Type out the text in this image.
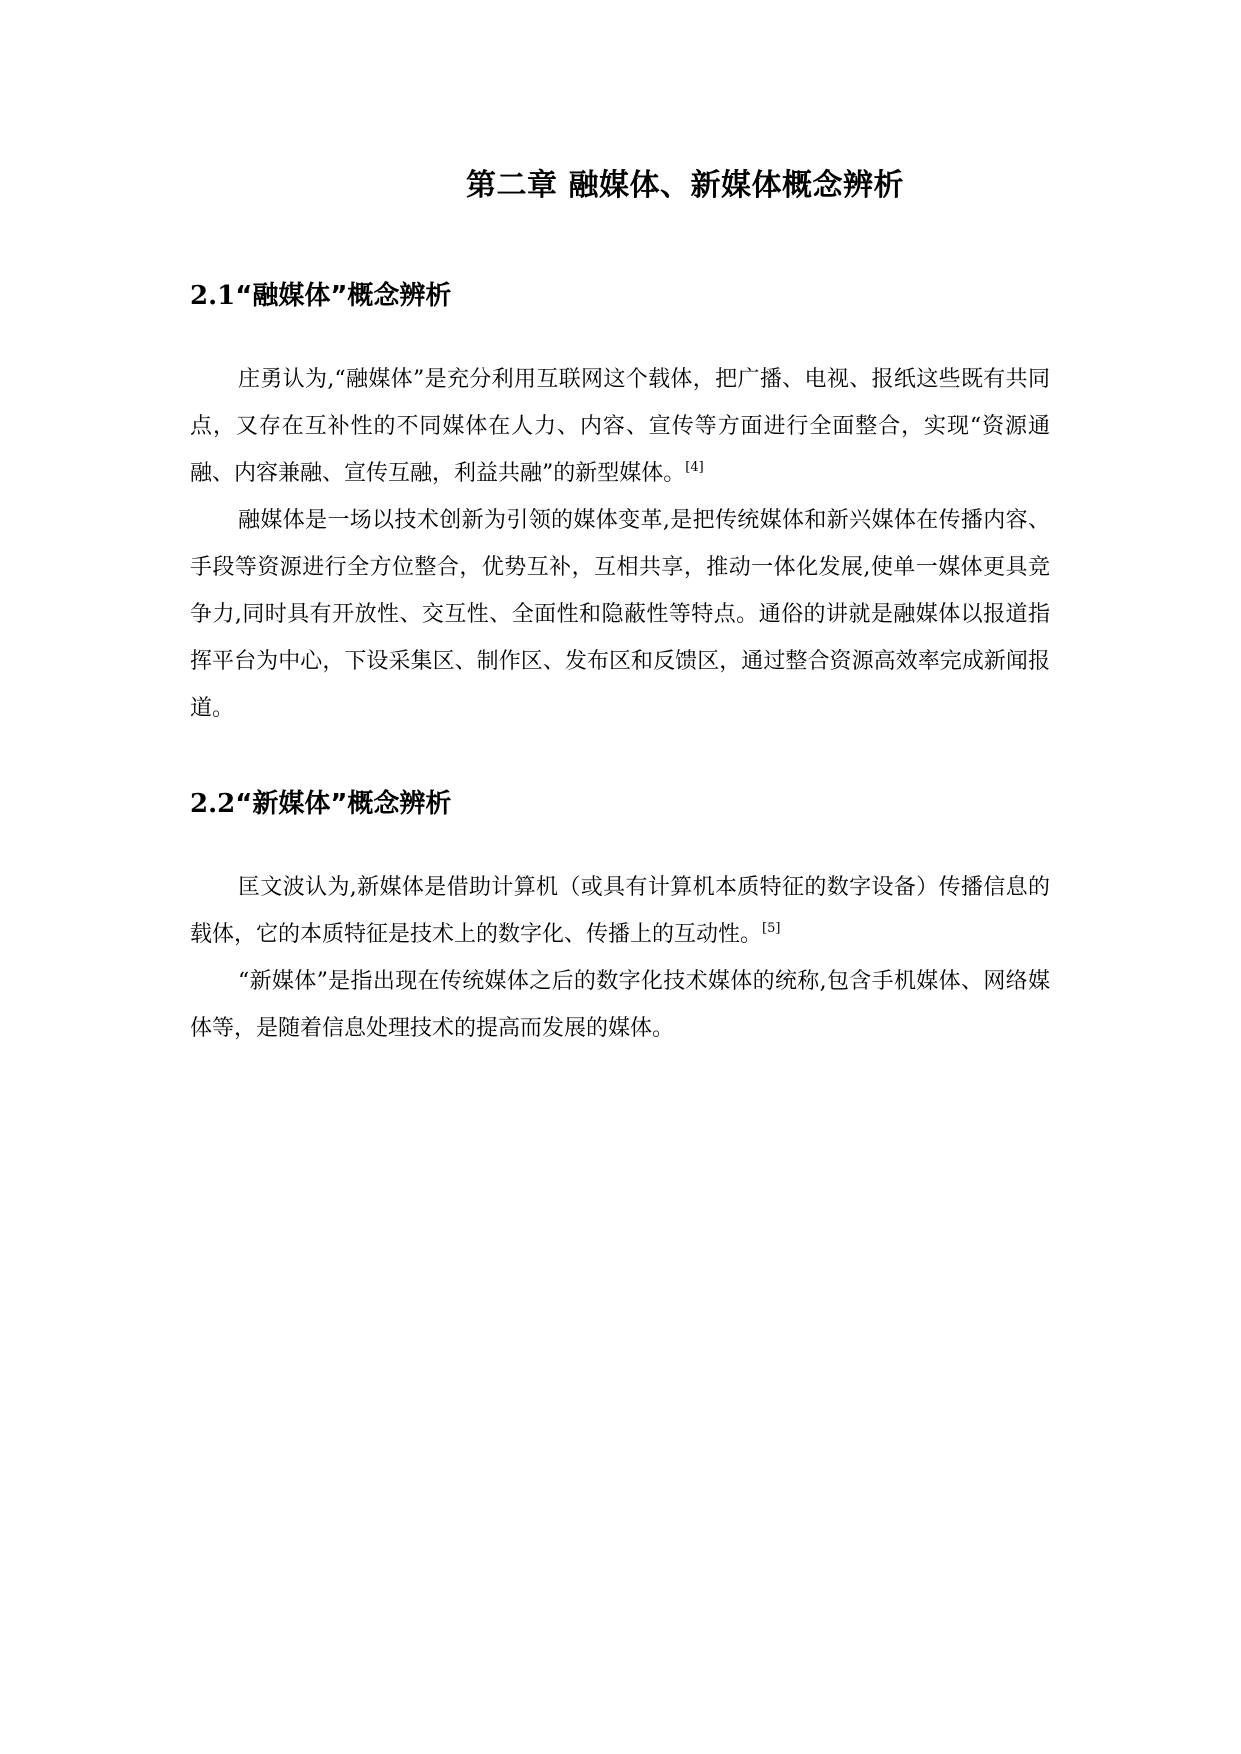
第二章 融媒体、新媒体概念辨析
2.1“融媒体”概念辨析

庄勇认为,“融媒体”是充分利用互联网这个载体，把广播、电视、报纸这些既有共同点，又存在互补性的不同媒体在人力、内容、宣传等方面进行全面整合，实现“资源通融、内容兼融、宣传互融，利益共融”的新型媒体。[4]

融媒体是一场以技术创新为引领的媒体变革,是把传统媒体和新兴媒体在传播内容、手段等资源进行全方位整合，优势互补，互相共享，推动一体化发展,使单一媒体更具竞争力,同时具有开放性、交互性、全面性和隐蔽性等特点。通俗的讲就是融媒体以报道指挥平台为中心，下设采集区、制作区、发布区和反馈区，通过整合资源高效率完成新闻报道。

2.2“新媒体”概念辨析

匡文波认为,新媒体是借助计算机（或具有计算机本质特征的数字设备）传播信息的载体，它的本质特征是技术上的数字化、传播上的互动性。[5]

“新媒体”是指出现在传统媒体之后的数字化技术媒体的统称,包含手机媒体、网络媒体等，是随着信息处理技术的提高而发展的媒体。
